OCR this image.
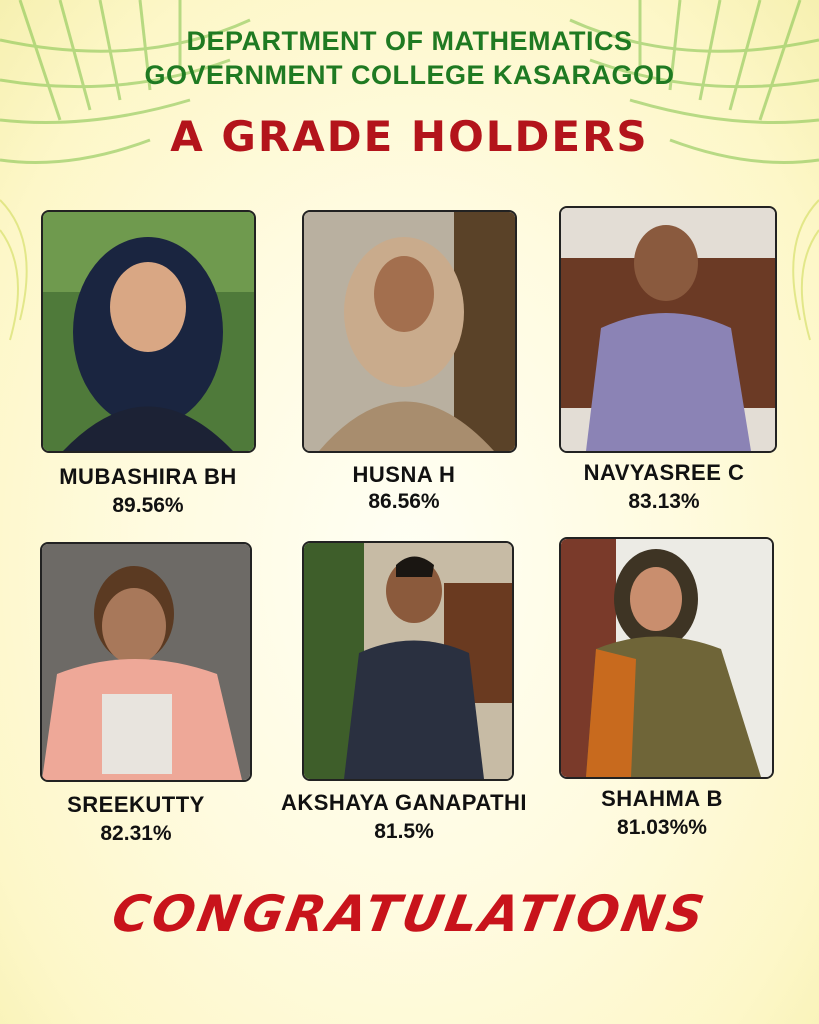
DEPARTMENT OF MATHEMATICS
GOVERNMENT COLLEGE KASARAGOD
A GRADE HOLDERS
MUBASHIRA BH
89.56%
HUSNA H
86.56%
NAVYASREE C
83.13%
SREEKUTTY
82.31%
AKSHAYA GANAPATHI
81.5%
SHAHMA B
81.03%%
CONGRATULATIONS
